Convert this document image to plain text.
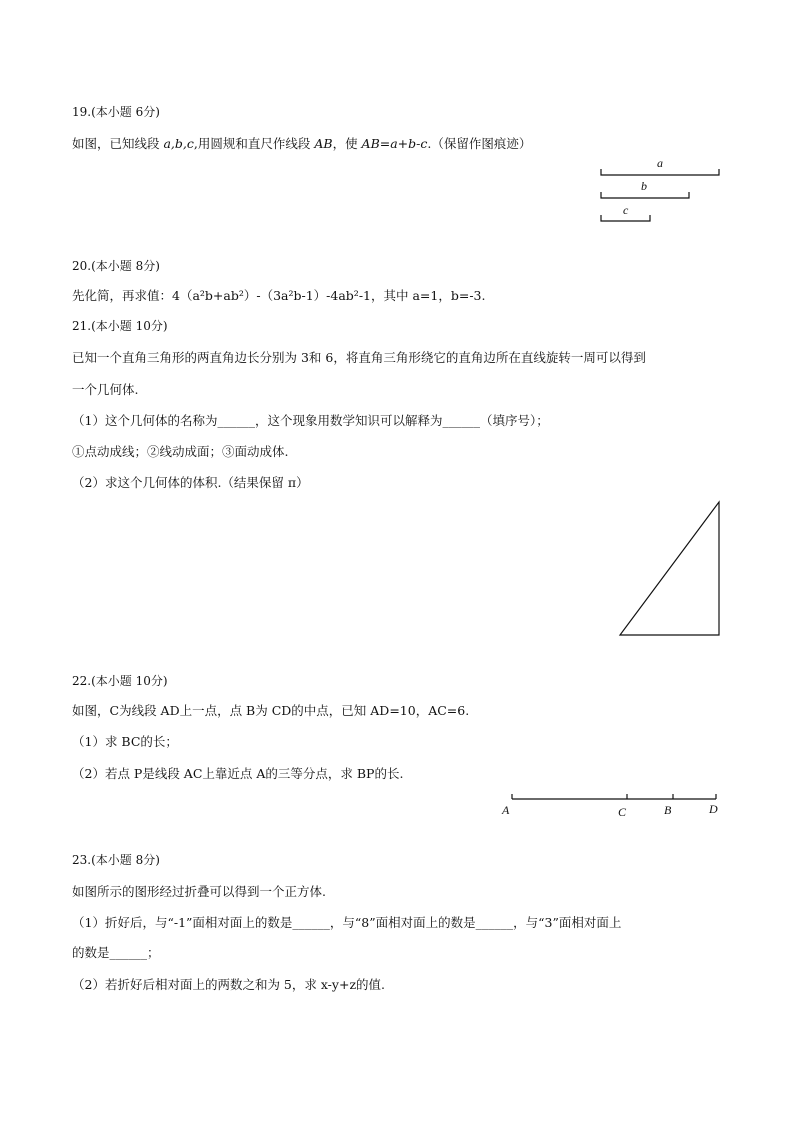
19.(本小题 6分)
如图，已知线段 a,b,c,用圆规和直尺作线段 AB，使 AB=a+b-c.（保留作图痕迹）
a
b
c
20.(本小题 8分)
先化简，再求值：4（a²b+ab²）-（3a²b-1）-4ab²-1，其中 a=1，b=-3.
21.(本小题 10分)
已知一个直角三角形的两直角边长分别为 3和 6，将直角三角形绕它的直角边所在直线旋转一周可以得到
一个几何体.
（1）这个几何体的名称为______，这个现象用数学知识可以解释为______（填序号）；
①点动成线；②线动成面；③面动成体.
（2）求这个几何体的体积.（结果保留 π）
22.(本小题 10分)
如图，C为线段 AD上一点，点 B为 CD的中点，已知 AD=10，AC=6.
（1）求 BC的长；
（2）若点 P是线段 AC上靠近点 A的三等分点，求 BP的长.
A	C	B	D
23.(本小题 8分)
如图所示的图形经过折叠可以得到一个正方体.
（1）折好后，与“-1”面相对面上的数是______，与“8”面相对面上的数是______，与“3”面相对面上
的数是______；
（2）若折好后相对面上的两数之和为 5，求 x-y+z的值.
